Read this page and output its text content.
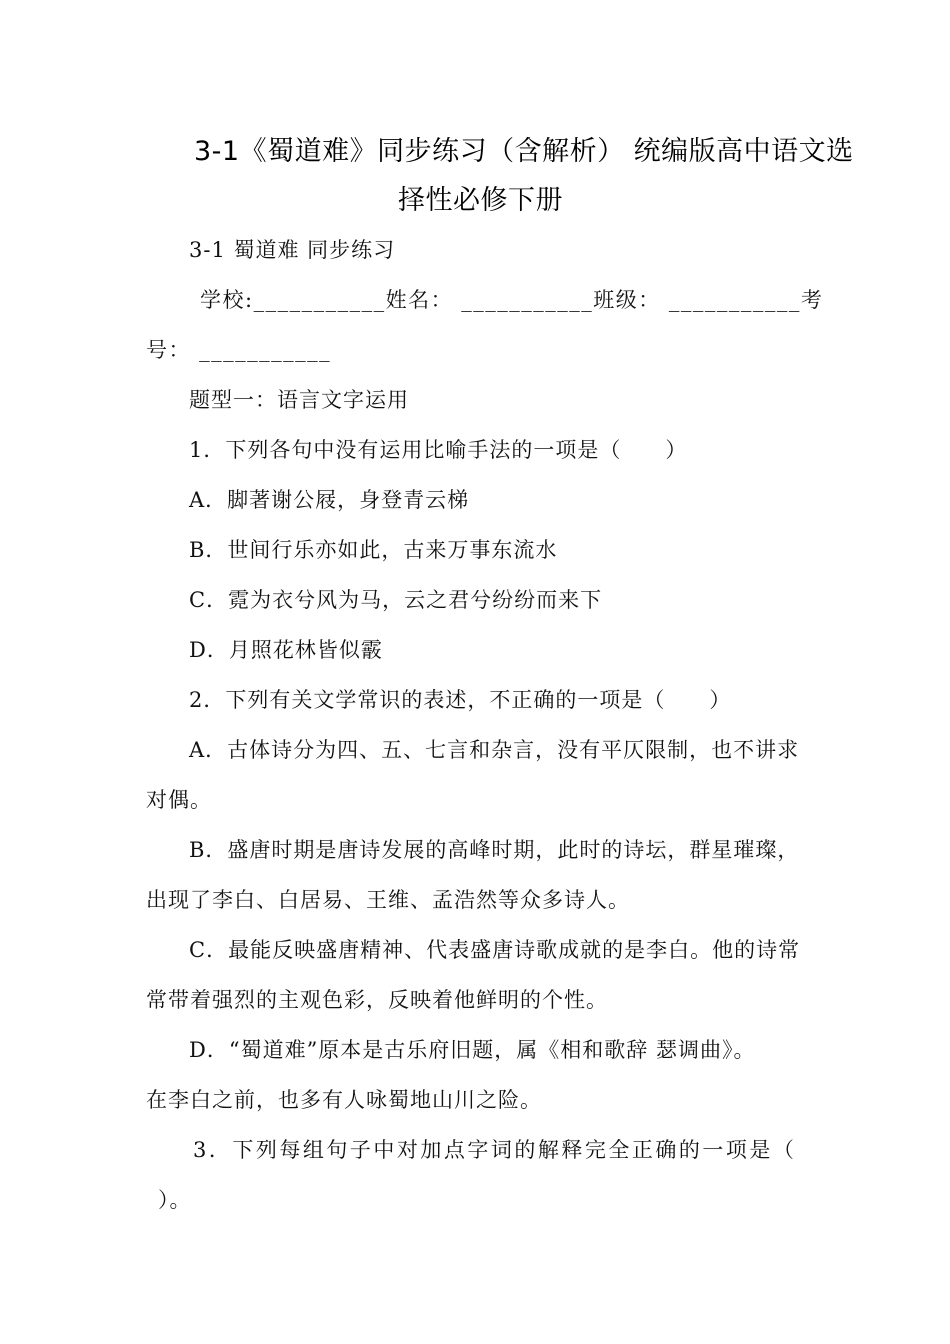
3-1《蜀道难》同步练习（含解析） 统编版高中语文选
择性必修下册
3-1 蜀道难 同步练习
学校:___________姓名： ___________班级： ___________考
号： ___________
题型一：语言文字运用
1．下列各句中没有运用比喻手法的一项是（　　）
A．脚著谢公屐，身登青云梯
B．世间行乐亦如此，古来万事东流水
C．霓为衣兮风为马，云之君兮纷纷而来下
D．月照花林皆似霰
2．下列有关文学常识的表述，不正确的一项是（　　）
A．古体诗分为四、五、七言和杂言，没有平仄限制，也不讲求
对偶。
B．盛唐时期是唐诗发展的高峰时期，此时的诗坛，群星璀璨，
出现了李白、白居易、王维、孟浩然等众多诗人。
C．最能反映盛唐精神、代表盛唐诗歌成就的是李白。他的诗常
常带着强烈的主观色彩，反映着他鲜明的个性。
D．“蜀道难”原本是古乐府旧题，属《相和歌辞 瑟调曲》。
在李白之前，也多有人咏蜀地山川之险。
3．下列每组句子中对加点字词的解释完全正确的一项是（
）。
